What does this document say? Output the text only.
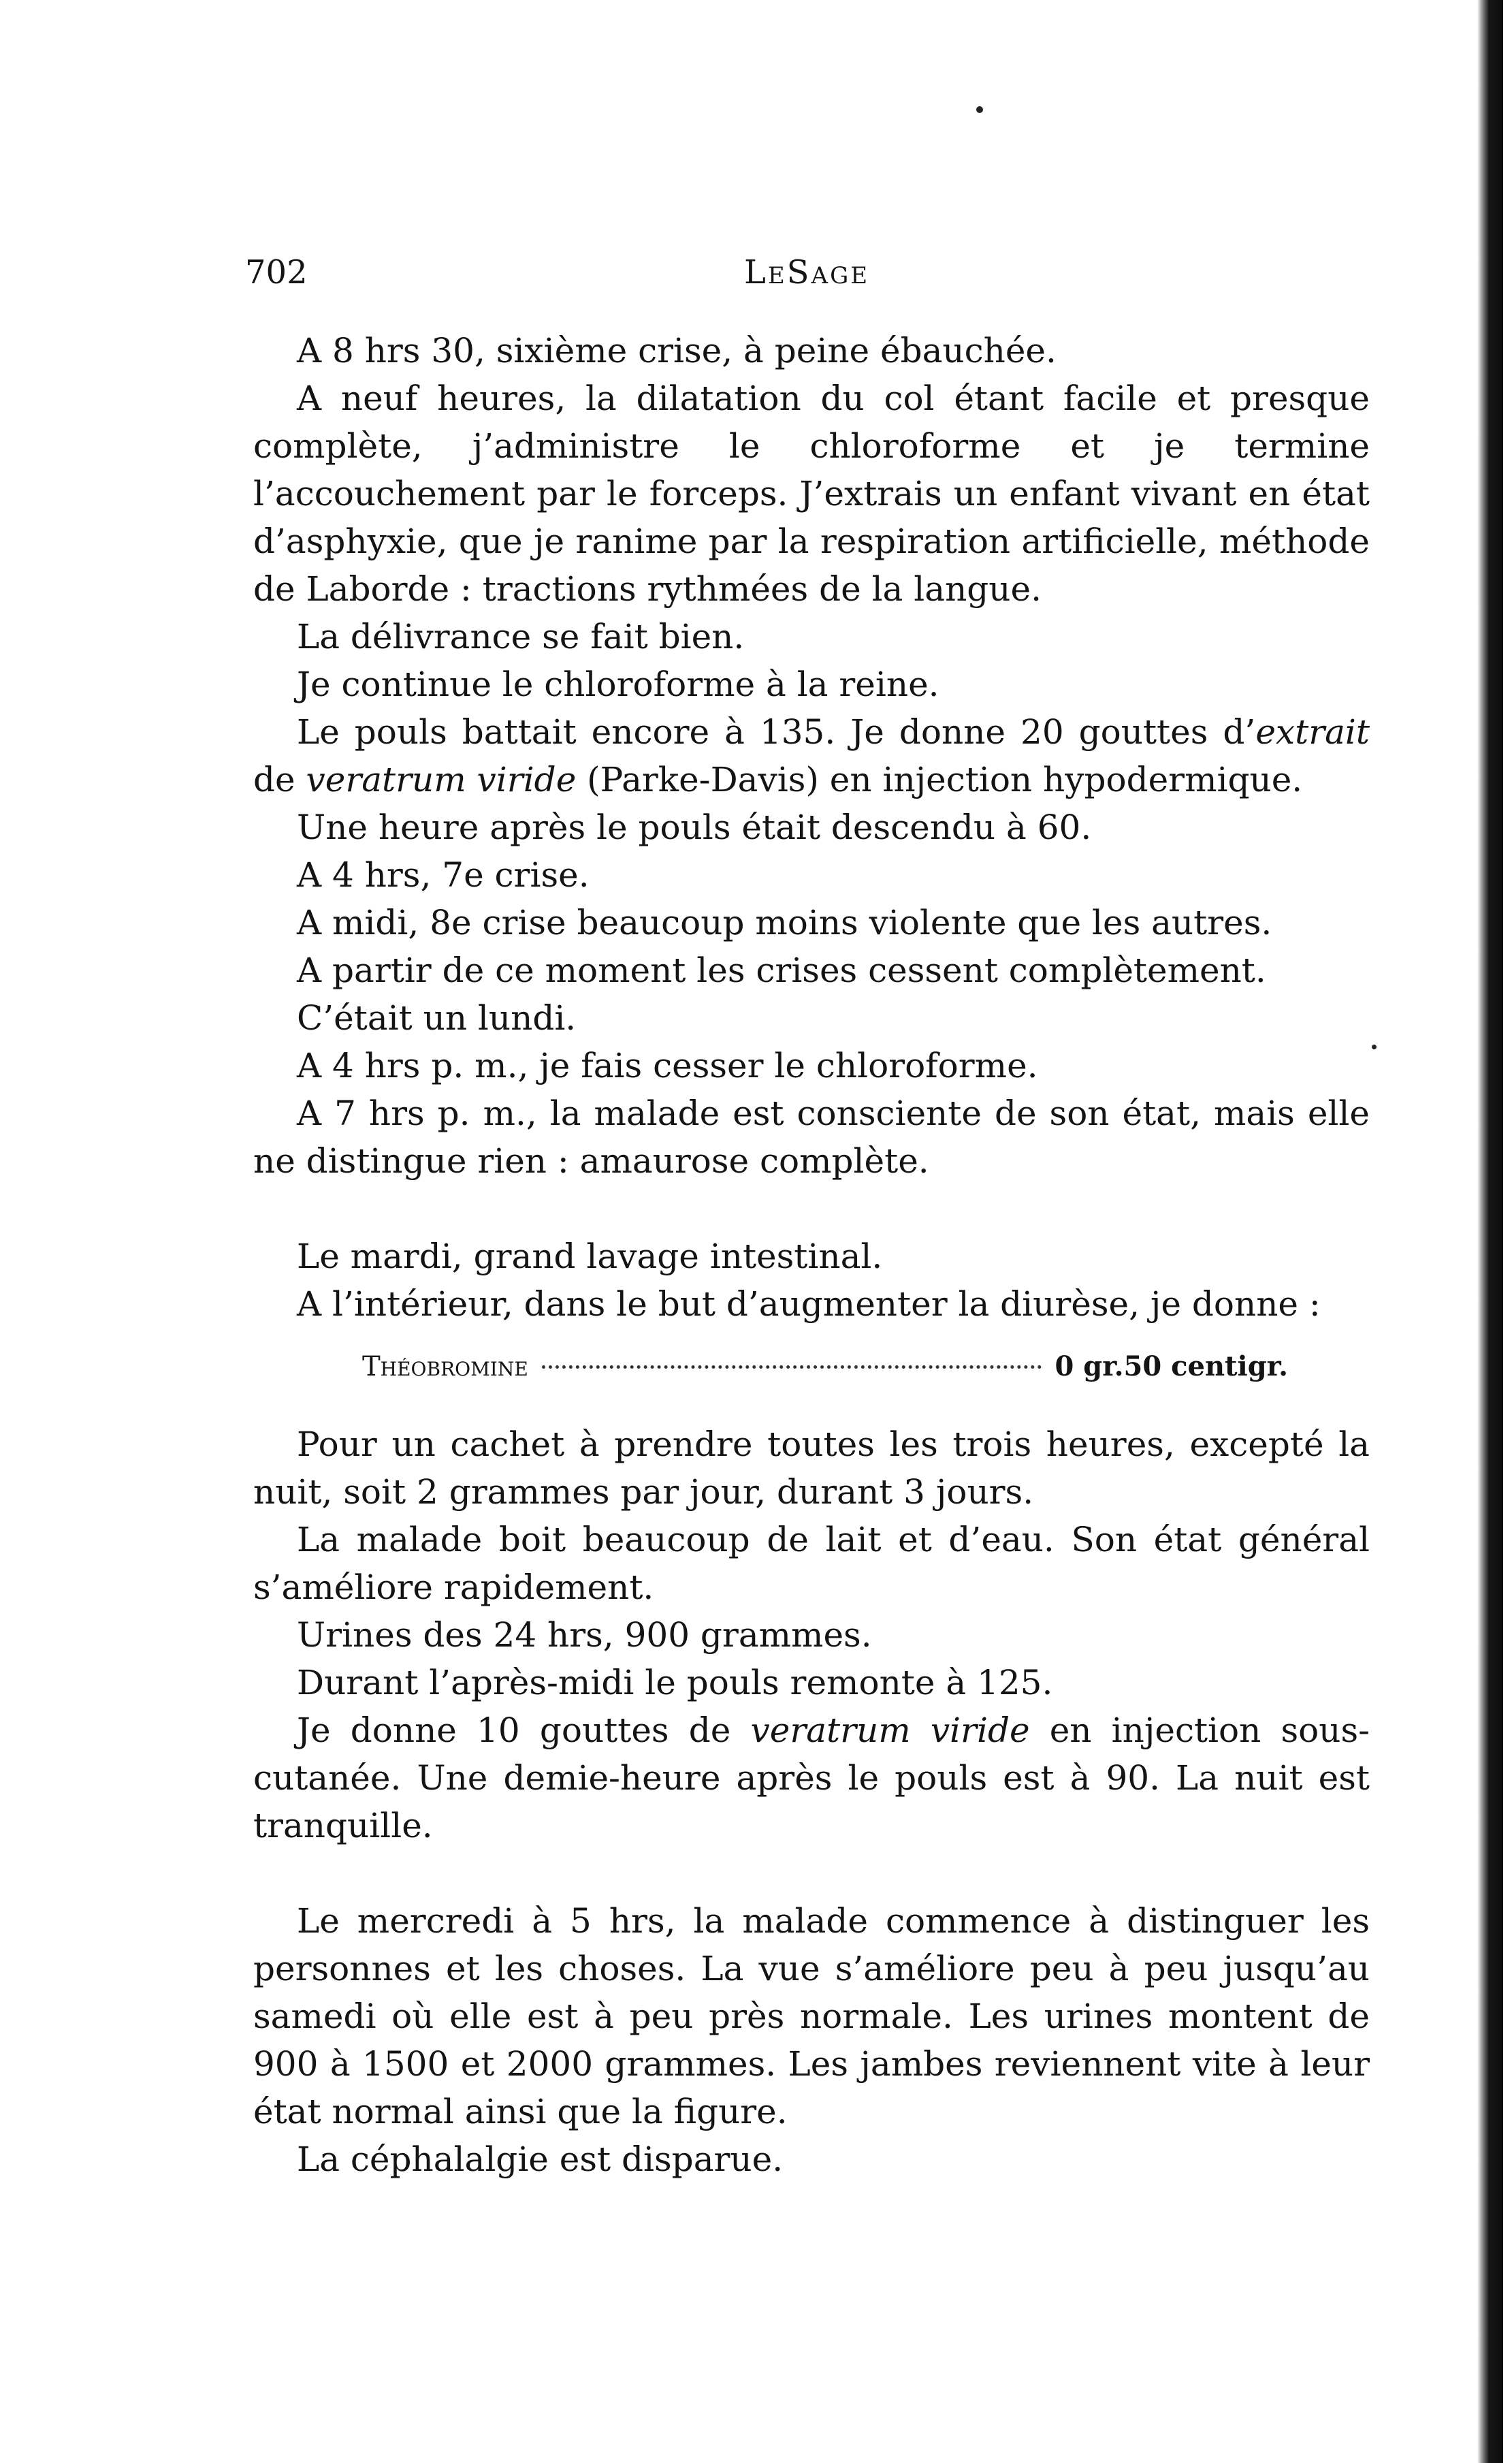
702	LeSage

A 8 hrs 30, sixième crise, à peine ébauchée.

A neuf heures, la dilatation du col étant facile et presque complète, j’administre le chloroforme et je termine l’accouchement par le forceps. J’extrais un enfant vivant en état d’asphyxie, que je ranime par la respiration artificielle, méthode de Laborde : tractions rythmées de la langue.

La délivrance se fait bien.

Je continue le chloroforme à la reine.

Le pouls battait encore à 135. Je donne 20 gouttes d’extrait de veratrum viride (Parke-Davis) en injection hypodermique.

Une heure après le pouls était descendu à 60.

A 4 hrs, 7e crise.

A midi, 8e crise beaucoup moins violente que les autres.

A partir de ce moment les crises cessent complètement.

C’était un lundi.

A 4 hrs p. m., je fais cesser le chloroforme.

A 7 hrs p. m., la malade est consciente de son état, mais elle ne distingue rien : amaurose complète.

Le mardi, grand lavage intestinal.

A l’intérieur, dans le but d’augmenter la diurèse, je donne :

Théobromine	0 gr.50 centigr.

Pour un cachet à prendre toutes les trois heures, excepté la nuit, soit 2 grammes par jour, durant 3 jours.

La malade boit beaucoup de lait et d’eau. Son état général s’améliore rapidement.

Urines des 24 hrs, 900 grammes.

Durant l’après-midi le pouls remonte à 125.

Je donne 10 gouttes de veratrum viride en injection sous-cutanée. Une demie-heure après le pouls est à 90. La nuit est tranquille.

Le mercredi à 5 hrs, la malade commence à distinguer les personnes et les choses. La vue s’améliore peu à peu jusqu’au samedi où elle est à peu près normale. Les urines montent de 900 à 1500 et 2000 grammes. Les jambes reviennent vite à leur état normal ainsi que la figure.

La céphalalgie est disparue.
